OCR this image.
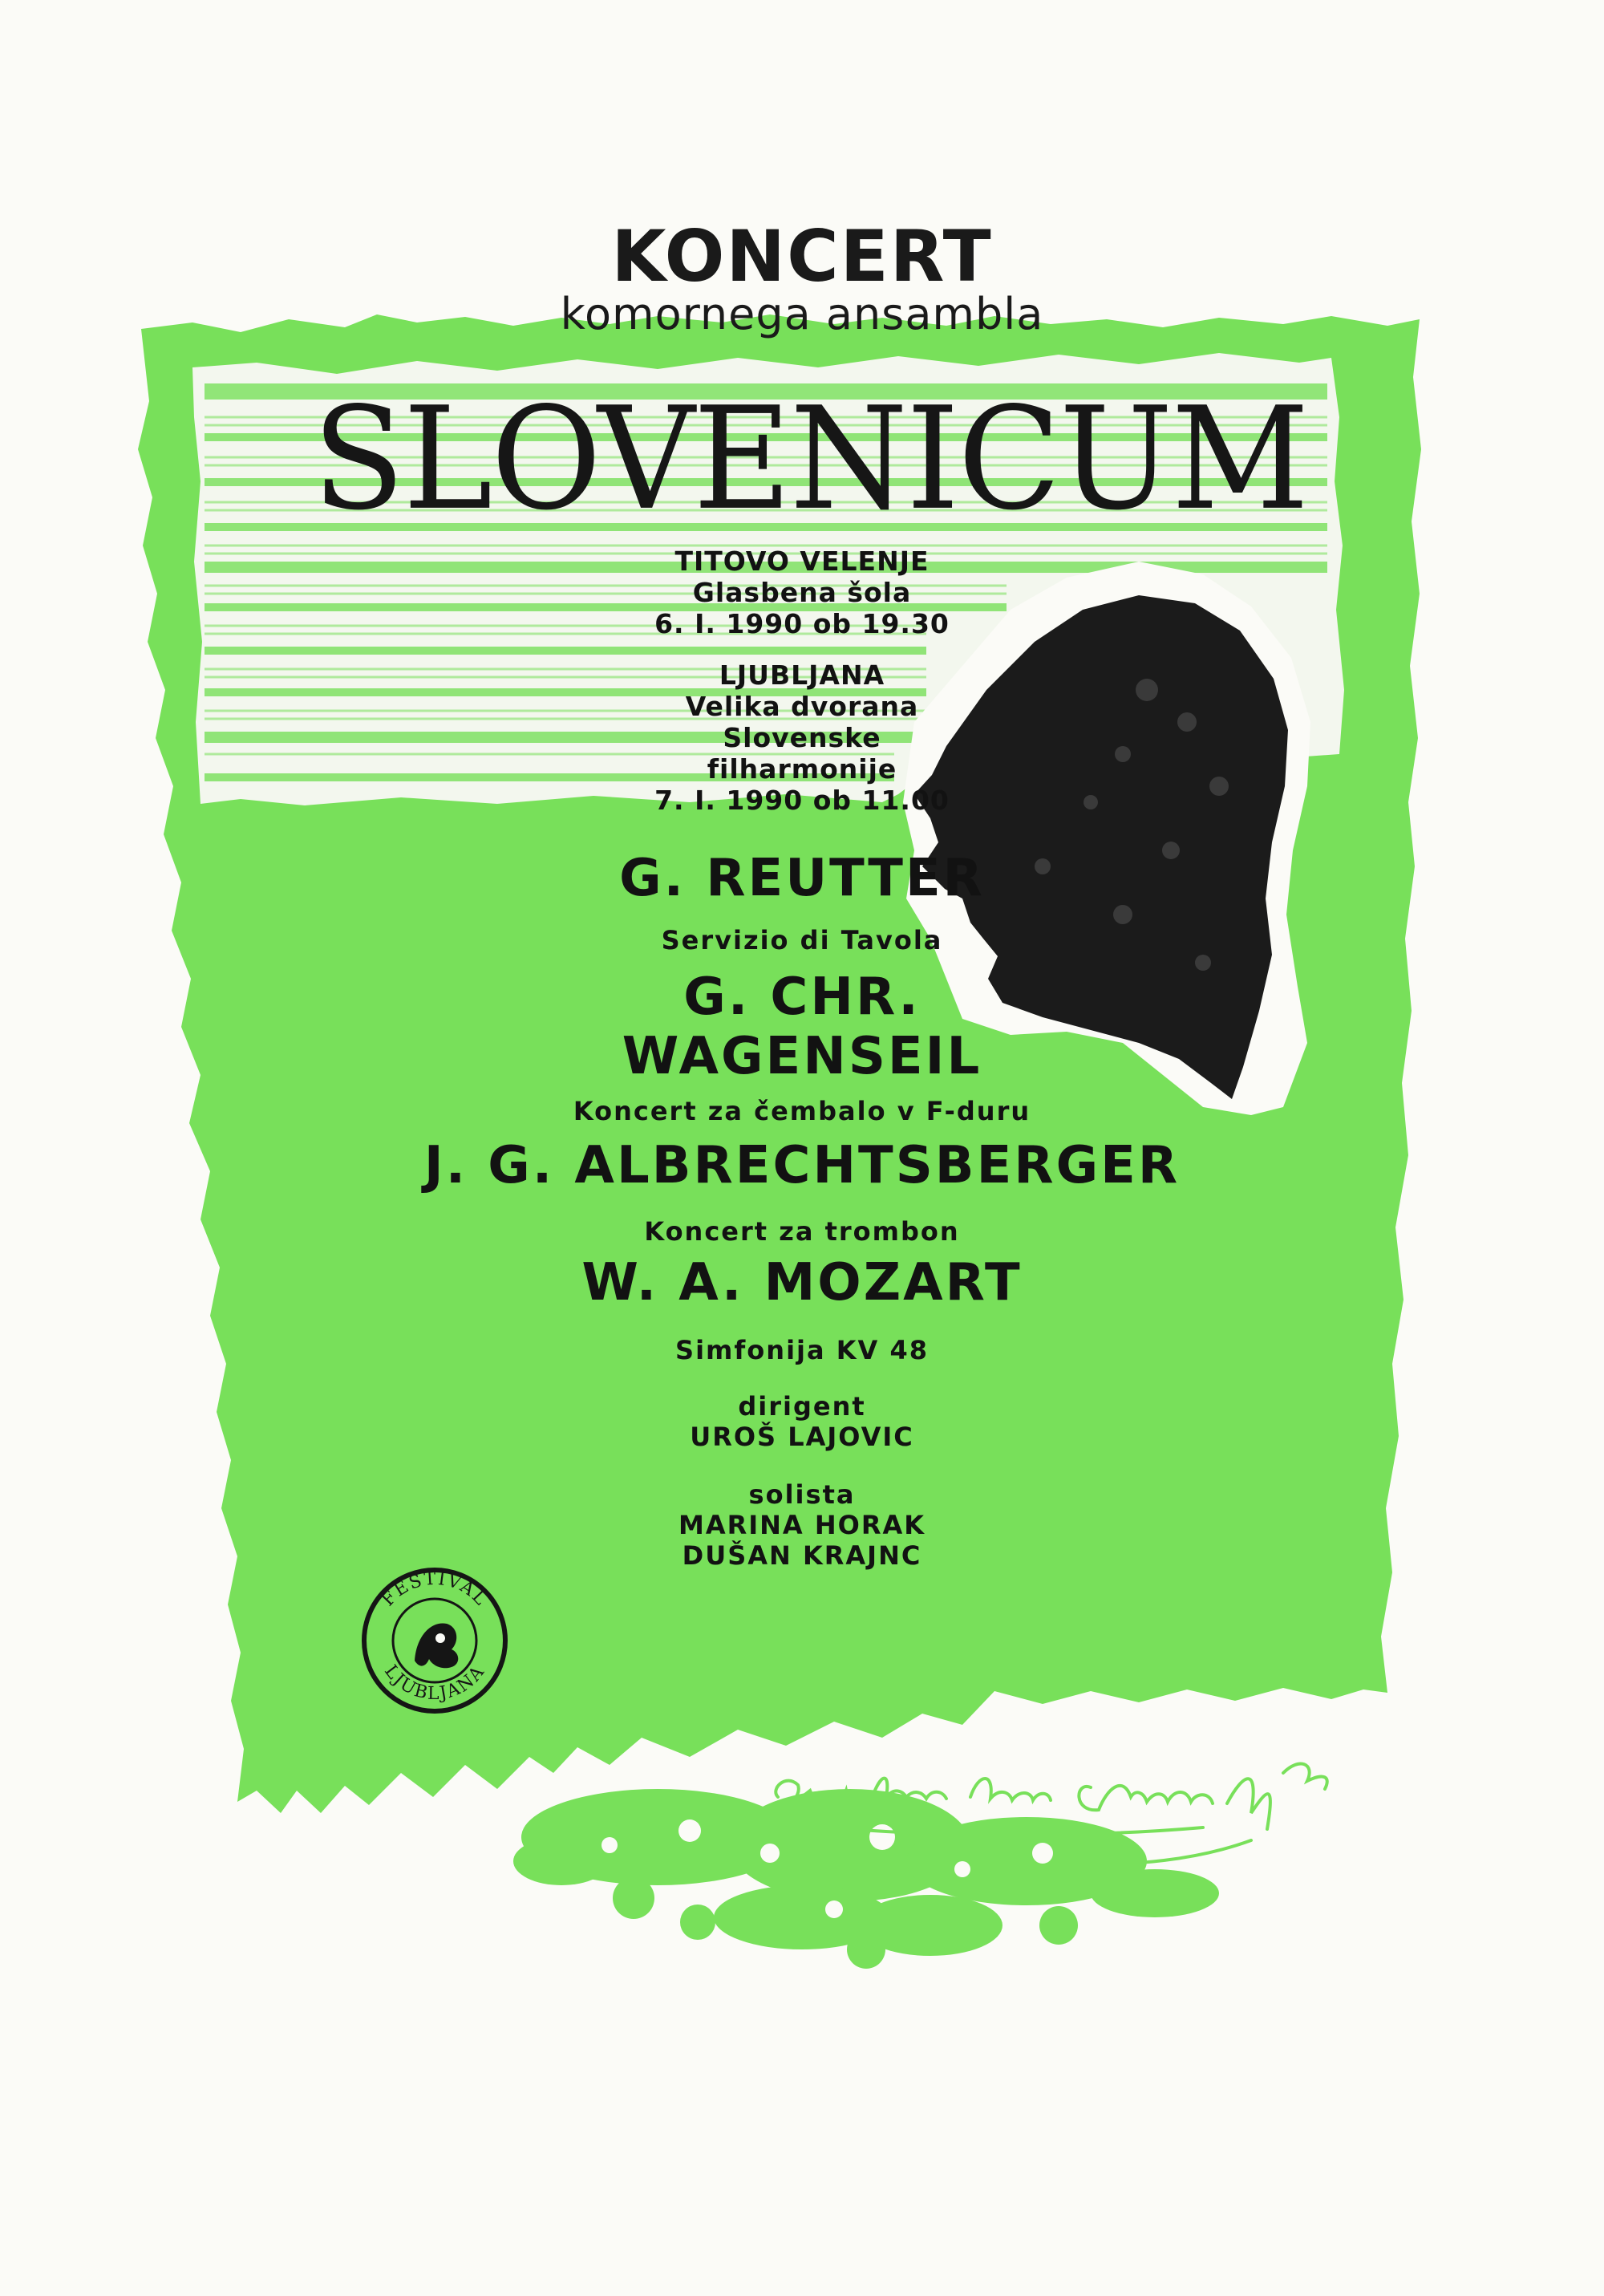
KONCERT
komornega ansambla
SLOVENICUM
TITOVO VELENJE
Glasbena šola
6. I. 1990 ob 19.30
LJUBLJANA
Velika dvorana
Slovenske
filharmonije
7. I. 1990 ob 11.00
G. REUTTER
Servizio di Tavola
G. CHR.
WAGENSEIL
Koncert za čembalo v F-duru
J. G. ALBRECHTSBERGER
Koncert za trombon
W. A. MOZART
Simfonija KV 48
dirigent
UROŠ LAJOVIC
solista
MARINA HORAK
DUŠAN KRAJNC
FESTIVAL
LJUBLJANA
